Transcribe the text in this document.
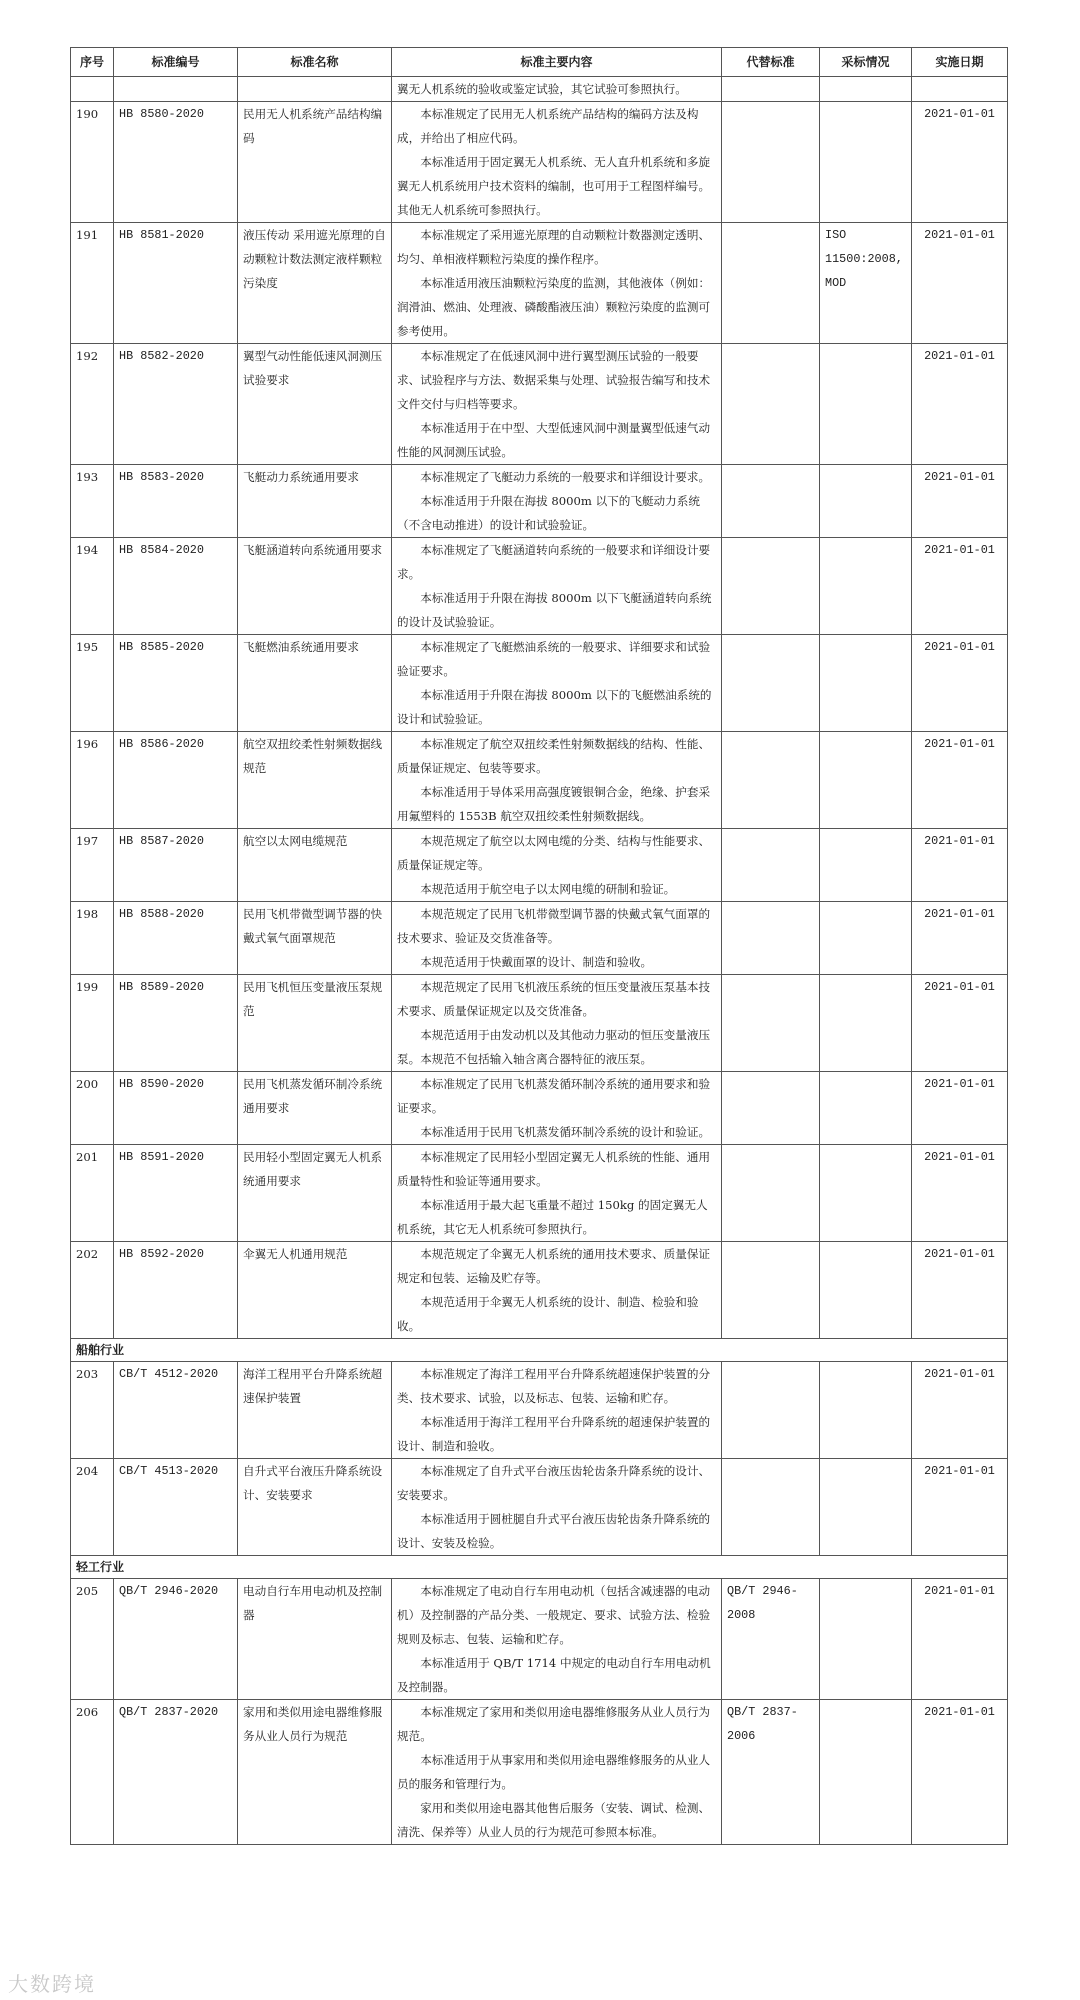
序号	标准编号	标准名称	标准主要内容	代替标准	采标情况	实施日期

			翼无人机系统的验收或鉴定试验，其它试验可参照执行。			

190	HB 8580-2020	民用无人机系统产品结构编码	本标准规定了民用无人机系统产品结构的编码方法及构成，并给出了相应代码。

本标准适用于固定翼无人机系统、无人直升机系统和多旋翼无人机系统用户技术资料的编制，也可用于工程图样编号。其他无人机系统可参照执行。			2021-01-01
191	HB 8581-2020	液压传动 采用遮光原理的自动颗粒计数法测定液样颗粒污染度	本标准规定了采用遮光原理的自动颗粒计数器测定透明、均匀、单相液样颗粒污染度的操作程序。

本标准适用液压油颗粒污染度的监测，其他液体（例如：润滑油、燃油、处理液、磷酸酯液压油）颗粒污染度的监测可参考使用。		ISO 11500:2008, MOD	2021-01-01
192	HB 8582-2020	翼型气动性能低速风洞测压试验要求	本标准规定了在低速风洞中进行翼型测压试验的一般要求、试验程序与方法、数据采集与处理、试验报告编写和技术文件交付与归档等要求。

本标准适用于在中型、大型低速风洞中测量翼型低速气动性能的风洞测压试验。			2021-01-01
193	HB 8583-2020	飞艇动力系统通用要求	本标准规定了飞艇动力系统的一般要求和详细设计要求。

本标准适用于升限在海拔 8000m 以下的飞艇动力系统（不含电动推进）的设计和试验验证。			2021-01-01
194	HB 8584-2020	飞艇涵道转向系统通用要求	本标准规定了飞艇涵道转向系统的一般要求和详细设计要求。

本标准适用于升限在海拔 8000m 以下飞艇涵道转向系统的设计及试验验证。			2021-01-01
195	HB 8585-2020	飞艇燃油系统通用要求	本标准规定了飞艇燃油系统的一般要求、详细要求和试验验证要求。

本标准适用于升限在海拔 8000m 以下的飞艇燃油系统的设计和试验验证。			2021-01-01
196	HB 8586-2020	航空双扭绞柔性射频数据线规范	本标准规定了航空双扭绞柔性射频数据线的结构、性能、质量保证规定、包装等要求。

本标准适用于导体采用高强度镀银铜合金，绝缘、护套采用氟塑料的 1553B 航空双扭绞柔性射频数据线。			2021-01-01
197	HB 8587-2020	航空以太网电缆规范	本规范规定了航空以太网电缆的分类、结构与性能要求、质量保证规定等。

本规范适用于航空电子以太网电缆的研制和验证。			2021-01-01
198	HB 8588-2020	民用飞机带微型调节器的快戴式氧气面罩规范	本规范规定了民用飞机带微型调节器的快戴式氧气面罩的技术要求、验证及交货准备等。

本规范适用于快戴面罩的设计、制造和验收。			2021-01-01
199	HB 8589-2020	民用飞机恒压变量液压泵规范	本规范规定了民用飞机液压系统的恒压变量液压泵基本技术要求、质量保证规定以及交货准备。

本规范适用于由发动机以及其他动力驱动的恒压变量液压泵。本规范不包括输入轴含离合器特征的液压泵。			2021-01-01
200	HB 8590-2020	民用飞机蒸发循环制冷系统通用要求	本标准规定了民用飞机蒸发循环制冷系统的通用要求和验证要求。

本标准适用于民用飞机蒸发循环制冷系统的设计和验证。			2021-01-01
201	HB 8591-2020	民用轻小型固定翼无人机系统通用要求	本标准规定了民用轻小型固定翼无人机系统的性能、通用质量特性和验证等通用要求。

本标准适用于最大起飞重量不超过 150kg 的固定翼无人机系统，其它无人机系统可参照执行。			2021-01-01
202	HB 8592-2020	伞翼无人机通用规范	本规范规定了伞翼无人机系统的通用技术要求、质量保证规定和包装、运输及贮存等。

本规范适用于伞翼无人机系统的设计、制造、检验和验收。			2021-01-01
船舶行业						
203	CB/T 4512-2020	海洋工程用平台升降系统超速保护装置	本标准规定了海洋工程用平台升降系统超速保护装置的分类、技术要求、试验，以及标志、包装、运输和贮存。

本标准适用于海洋工程用平台升降系统的超速保护装置的设计、制造和验收。			2021-01-01
204	CB/T 4513-2020	自升式平台液压升降系统设计、安装要求	本标准规定了自升式平台液压齿轮齿条升降系统的设计、安装要求。

本标准适用于圆桩腿自升式平台液压齿轮齿条升降系统的设计、安装及检验。			2021-01-01
轻工行业						
205	QB/T 2946-2020	电动自行车用电动机及控制器	本标准规定了电动自行车用电动机（包括含减速器的电动机）及控制器的产品分类、一般规定、要求、试验方法、检验规则及标志、包装、运输和贮存。

本标准适用于 QB/T 1714 中规定的电动自行车用电动机及控制器。	QB/T 2946-2008		2021-01-01
206	QB/T 2837-2020	家用和类似用途电器维修服务从业人员行为规范	本标准规定了家用和类似用途电器维修服务从业人员行为规范。

本标准适用于从事家用和类似用途电器维修服务的从业人员的服务和管理行为。

家用和类似用途电器其他售后服务（安装、调试、检测、清洗、保养等）从业人员的行为规范可参照本标准。	QB/T 2837-2006		2021-01-01
大数跨境
